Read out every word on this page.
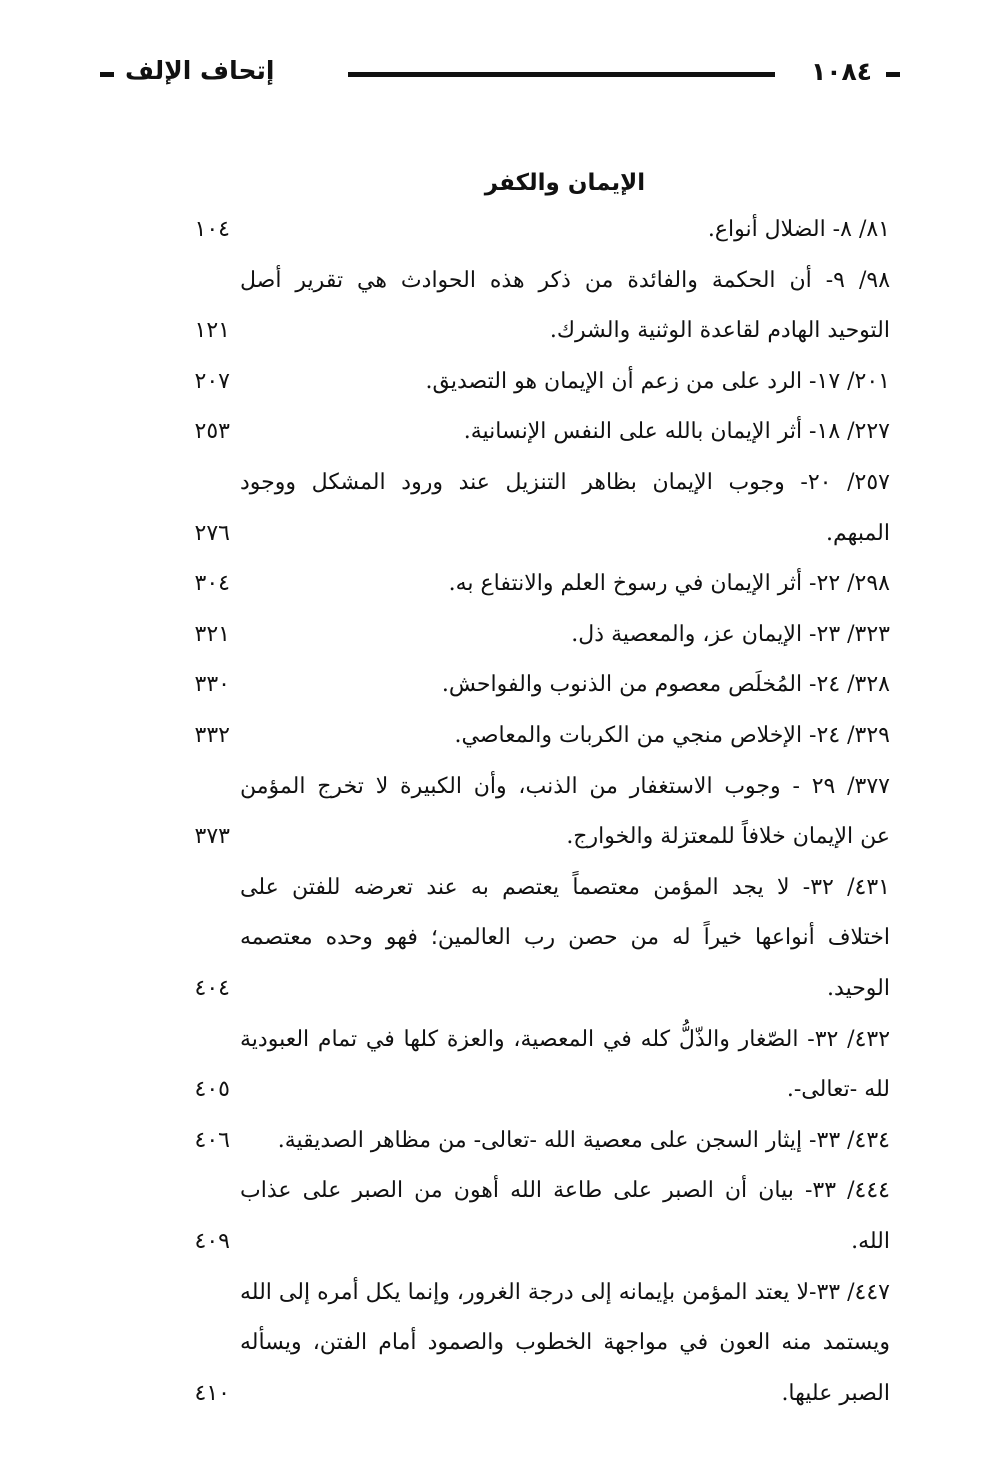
١٠٨٤
إتحاف الإلف
الإيمان والكفر
٨١/ ٨- الضلال أنواع.
١٠٤
٩٨/ ٩- أن الحكمة والفائدة من ذكر هذه الحوادث هي تقرير أصل
التوحيد الهادم لقاعدة الوثنية والشرك.
١٢١
٢٠١/ ١٧- الرد على من زعم أن الإيمان هو التصديق.
٢٠٧
٢٢٧/ ١٨- أثر الإيمان بالله على النفس الإنسانية.
٢٥٣
٢٥٧/ ٢٠- وجوب الإيمان بظاهر التنزيل عند ورود المشكل ووجود
المبهم.
٢٧٦
٢٩٨/ ٢٢- أثر الإيمان في رسوخ العلم والانتفاع به.
٣٠٤
٣٢٣/ ٢٣- الإيمان عز، والمعصية ذل.
٣٢١
٣٢٨/ ٢٤- المُخلَص معصوم من الذنوب والفواحش.
٣٣٠
٣٢٩/ ٢٤- الإخلاص منجي من الكربات والمعاصي.
٣٣٢
٣٧٧/ ٢٩ - وجوب الاستغفار من الذنب، وأن الكبيرة لا تخرج المؤمن
عن الإيمان خلافاً للمعتزلة والخوارج.
٣٧٣
٤٣١/ ٣٢- لا يجد المؤمن معتصماً يعتصم به عند تعرضه للفتن على
اختلاف أنواعها خيراً له من حصن رب العالمين؛ فهو وحده معتصمه
الوحيد.
٤٠٤
٤٣٢/ ٣٢- الصّغار والذّلُّ كله في المعصية، والعزة كلها في تمام العبودية
لله -تعالى-.
٤٠٥
٤٣٤/ ٣٣- إيثار السجن على معصية الله -تعالى- من مظاهر الصديقية.
٤٠٦
٤٤٤/ ٣٣- بيان أن الصبر على طاعة الله أهون من الصبر على عذاب
الله.
٤٠٩
٤٤٧/ ٣٣-لا يعتد المؤمن بإيمانه إلى درجة الغرور، وإنما يكل أمره إلى الله
ويستمد منه العون في مواجهة الخطوب والصمود أمام الفتن، ويسأله
الصبر عليها.
٤١٠
